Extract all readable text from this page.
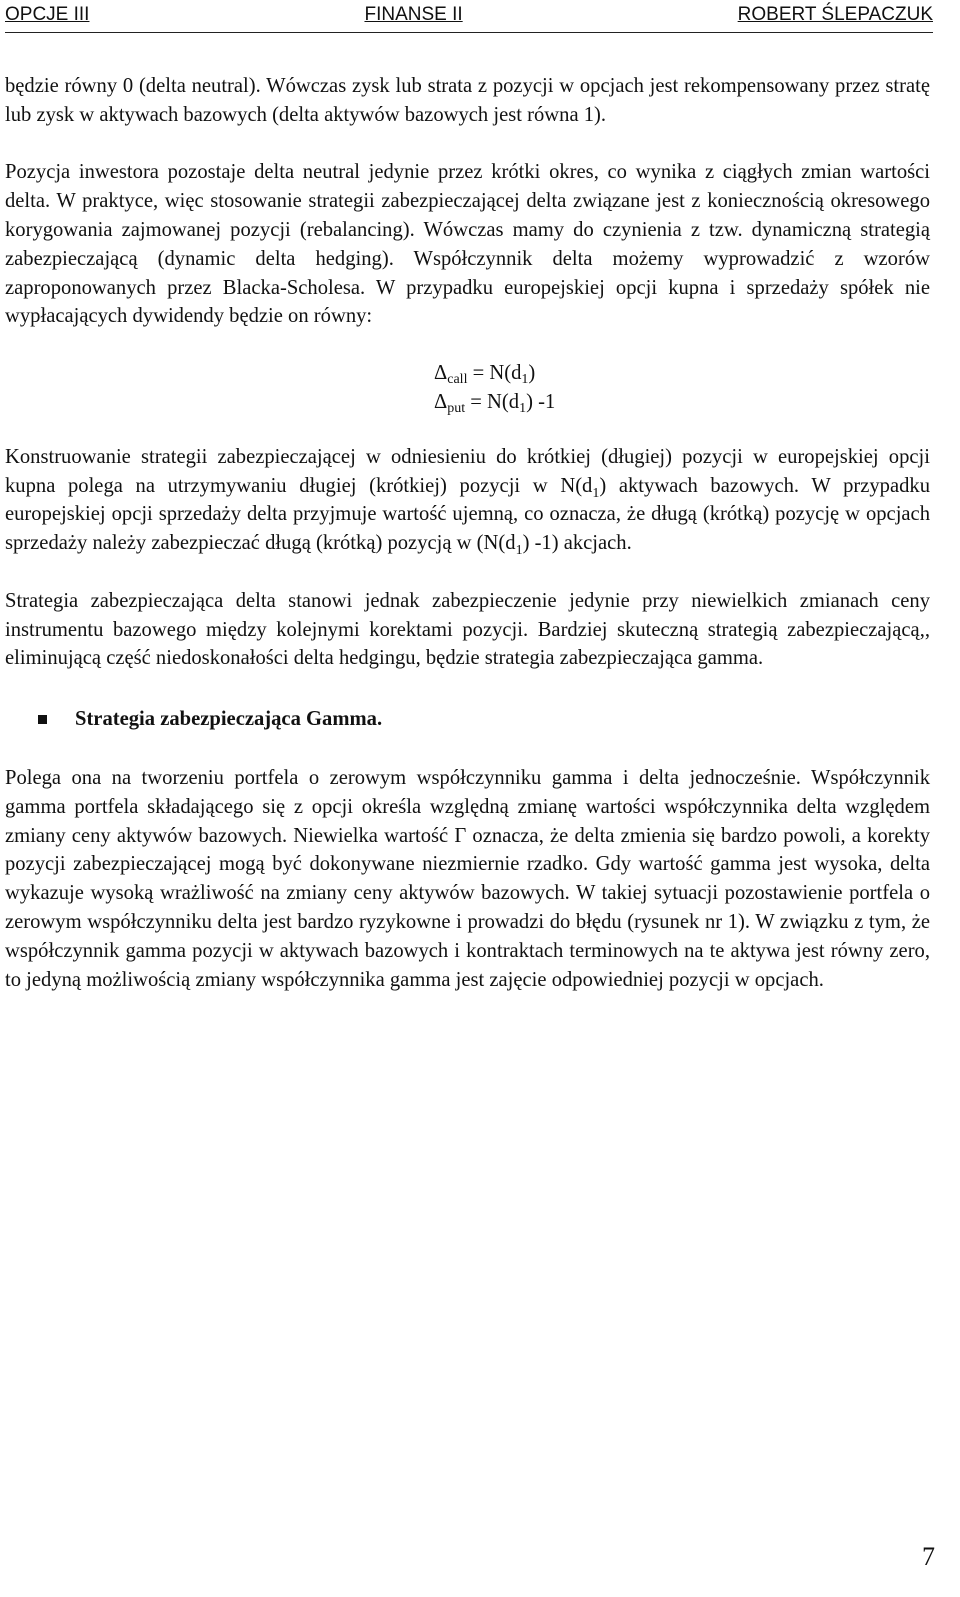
OPCJE III	FINANSE II	ROBERT ŚLEPACZUK

będzie równy 0 (delta neutral). Wówczas zysk lub strata z pozycji w opcjach jest rekompensowany przez stratę lub zysk w aktywach bazowych (delta aktywów bazowych jest równa 1).

Pozycja inwestora pozostaje delta neutral jedynie przez krótki okres, co wynika z ciągłych zmian wartości delta. W praktyce, więc stosowanie strategii zabezpieczającej delta związane jest z koniecznością okresowego korygowania zajmowanej pozycji (rebalancing). Wówczas mamy do czynienia z tzw. dynamiczną strategią zabezpieczającą (dynamic delta hedging). Współczynnik delta możemy wyprowadzić z wzorów zaproponowanych przez Blacka-Scholesa. W przypadku europejskiej opcji kupna i sprzedaży spółek nie wypłacających dywidendy będzie on równy:

$\Delta_{call} = N(d_1)$
$\Delta_{put} = N(d_1)$ -1

Konstruowanie strategii zabezpieczającej w odniesieniu do krótkiej (długiej) pozycji w europejskiej opcji kupna polega na utrzymywaniu długiej (krótkiej) pozycji w $N(d_1)$ aktywach bazowych. W przypadku europejskiej opcji sprzedaży delta przyjmuje wartość ujemną, co oznacza, że długą (krótką) pozycję w opcjach sprzedaży należy zabezpieczać długą (krótką) pozycją w ($N(d_1)$ -1) akcjach.

Strategia zabezpieczająca delta stanowi jednak zabezpieczenie jedynie przy niewielkich zmianach ceny instrumentu bazowego między kolejnymi korektami pozycji. Bardziej skuteczną strategią zabezpieczającą,, eliminującą część niedoskonałości delta hedgingu, będzie strategia zabezpieczająca gamma.

Strategia zabezpieczająca Gamma.

Polega ona na tworzeniu portfela o zerowym współczynniku gamma i delta jednocześnie. Współczynnik gamma portfela składającego się z opcji określa względną zmianę wartości współczynnika delta względem zmiany ceny aktywów bazowych. Niewielka wartość Γ oznacza, że delta zmienia się bardzo powoli, a korekty pozycji zabezpieczającej mogą być dokonywane niezmiernie rzadko. Gdy wartość gamma jest wysoka, delta wykazuje wysoką wrażliwość na zmiany ceny aktywów bazowych. W takiej sytuacji pozostawienie portfela o zerowym współczynniku delta jest bardzo ryzykowne i prowadzi do błędu (rysunek nr 1). W związku z tym, że współczynnik gamma pozycji w aktywach bazowych i kontraktach terminowych na te aktywa jest równy zero, to jedyną możliwością zmiany współczynnika gamma jest zajęcie odpowiedniej pozycji w opcjach.

7
